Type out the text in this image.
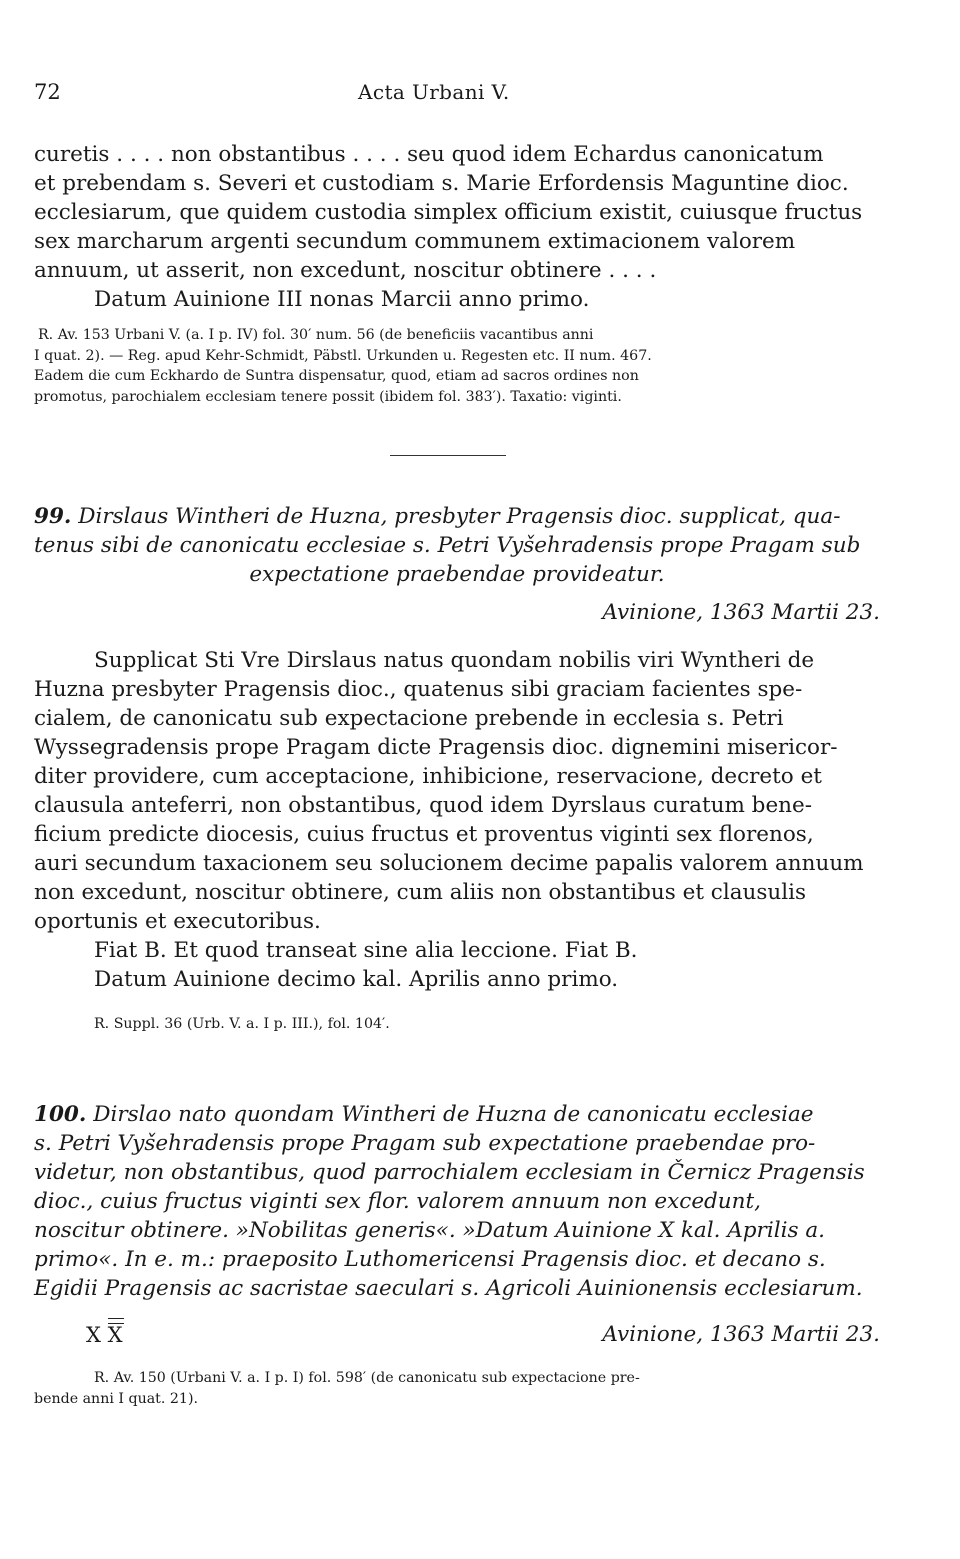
72	Acta Urbani V.
curetis . . . . non obstantibus . . . . seu quod idem Echardus canonicatum
et prebendam s. Severi et custodiam s. Marie Erfordensis Maguntine dioc.
ecclesiarum, que quidem custodia simplex officium existit, cuiusque fructus
sex marcharum argenti secundum communem extimacionem valorem
annuum, ut asserit, non excedunt, noscitur obtinere . . . .
Datum Auinione III nonas Marcii anno primo.
R. Av. 153 Urbani V. (a. I p. IV) fol. 30′ num. 56 (de beneficiis vacantibus anni
I quat. 2). — Reg. apud Kehr-Schmidt, Päbstl. Urkunden u. Regesten etc. II num. 467.
Eadem die cum Eckhardo de Suntra dispensatur, quod, etiam ad sacros ordines non
promotus, parochialem ecclesiam tenere possit (ibidem fol. 383′). Taxatio: viginti.
99. Dirslaus Wintheri de Huzna, presbyter Pragensis dioc. supplicat, qua-
tenus sibi de canonicatu ecclesiae s. Petri Vyšehradensis prope Pragam sub
expectatione praebendae provideatur.
Avinione, 1363 Martii 23.
Supplicat Sti Vre Dirslaus natus quondam nobilis viri Wyntheri de
Huzna presbyter Pragensis dioc., quatenus sibi graciam facientes spe-
cialem, de canonicatu sub expectacione prebende in ecclesia s. Petri
Wyssegradensis prope Pragam dicte Pragensis dioc. dignemini misericor-
diter providere, cum acceptacione, inhibicione, reservacione, decreto et
clausula anteferri, non obstantibus, quod idem Dyrslaus curatum bene-
ficium predicte diocesis, cuius fructus et proventus viginti sex florenos,
auri secundum taxacionem seu solucionem decime papalis valorem annuum
non excedunt, noscitur obtinere, cum aliis non obstantibus et clausulis
oportunis et executoribus.
Fiat B. Et quod transeat sine alia leccione. Fiat B.
Datum Auinione decimo kal. Aprilis anno primo.
R. Suppl. 36 (Urb. V. a. I p. III.), fol. 104′.
100. Dirslao nato quondam Wintheri de Huzna de canonicatu ecclesiae
s. Petri Vyšehradensis prope Pragam sub expectatione praebendae pro-
videtur, non obstantibus, quod parrochialem ecclesiam in Černicz Pragensis
dioc., cuius fructus viginti sex flor. valorem annuum non excedunt,
noscitur obtinere. »Nobilitas generis«. »Datum Auinione X kal. Aprilis a.
primo«. In e. m.: praeposito Luthomericensi Pragensis dioc. et decano s.
Egidii Pragensis ac sacristae saeculari s. Agricoli Auinionensis ecclesiarum.
X X	Avinione, 1363 Martii 23.
R. Av. 150 (Urbani V. a. I p. I) fol. 598′ (de canonicatu sub expectacione pre-
bende anni I quat. 21).
